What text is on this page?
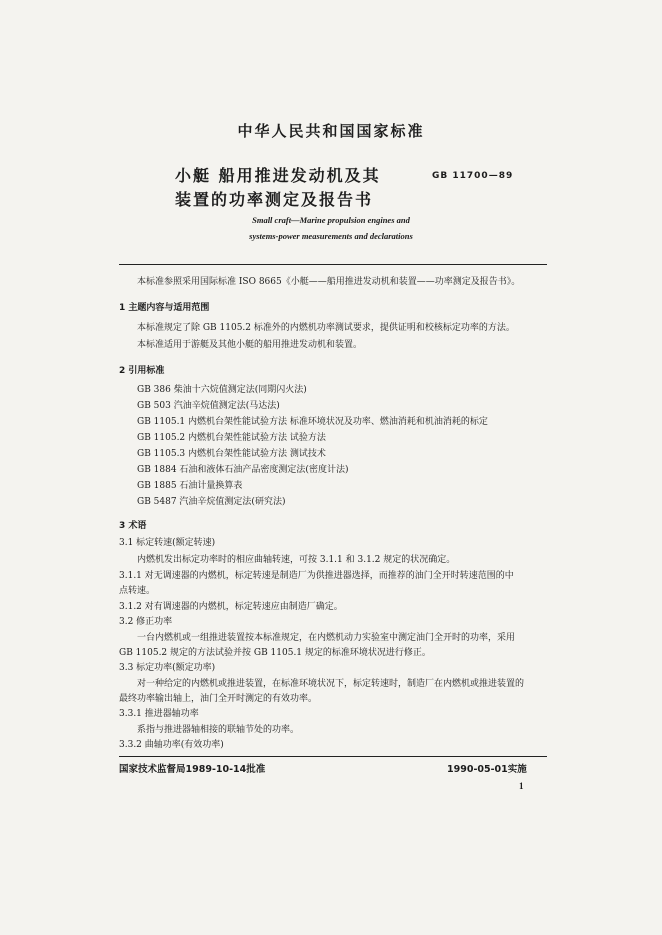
中华人民共和国国家标准
小艇 船用推进发动机及其
装置的功率测定及报告书
GB 11700—89
Small craft—Marine propulsion engines and
systems-power measurements and declarations
本标准参照采用国际标准 ISO 8665《小艇——船用推进发动机和装置——功率测定及报告书》。
1 主题内容与适用范围
本标准规定了除 GB 1105.2 标准外的内燃机功率测试要求，提供证明和校核标定功率的方法。
本标准适用于游艇及其他小艇的船用推进发动机和装置。
2 引用标准
GB 386 柴油十六烷值测定法(同期闪火法)
GB 503 汽油辛烷值测定法(马达法)
GB 1105.1 内燃机台架性能试验方法 标准环境状况及功率、燃油消耗和机油消耗的标定
GB 1105.2 内燃机台架性能试验方法 试验方法
GB 1105.3 内燃机台架性能试验方法 测试技术
GB 1884 石油和液体石油产品密度测定法(密度计法)
GB 1885 石油计量换算表
GB 5487 汽油辛烷值测定法(研究法)
3 术语
3.1 标定转速(额定转速)
内燃机发出标定功率时的相应曲轴转速，可按 3.1.1 和 3.1.2 规定的状况确定。
3.1.1 对无调速器的内燃机，标定转速是制造厂为供推进器选择，而推荐的油门全开时转速范围的中
点转速。
3.1.2 对有调速器的内燃机，标定转速应由制造厂确定。
3.2 修正功率
一台内燃机或一组推进装置按本标准规定，在内燃机动力实验室中测定油门全开时的功率，采用
GB 1105.2 规定的方法试验并按 GB 1105.1 规定的标准环境状况进行修正。
3.3 标定功率(额定功率)
对一种给定的内燃机或推进装置，在标准环境状况下，标定转速时，制造厂在内燃机或推进装置的
最终功率输出轴上，油门全开时测定的有效功率。
3.3.1 推进器轴功率
系指与推进器轴相接的联轴节处的功率。
3.3.2 曲轴功率(有效功率)
国家技术监督局1989-10-14批准	1990-05-01实施
1
